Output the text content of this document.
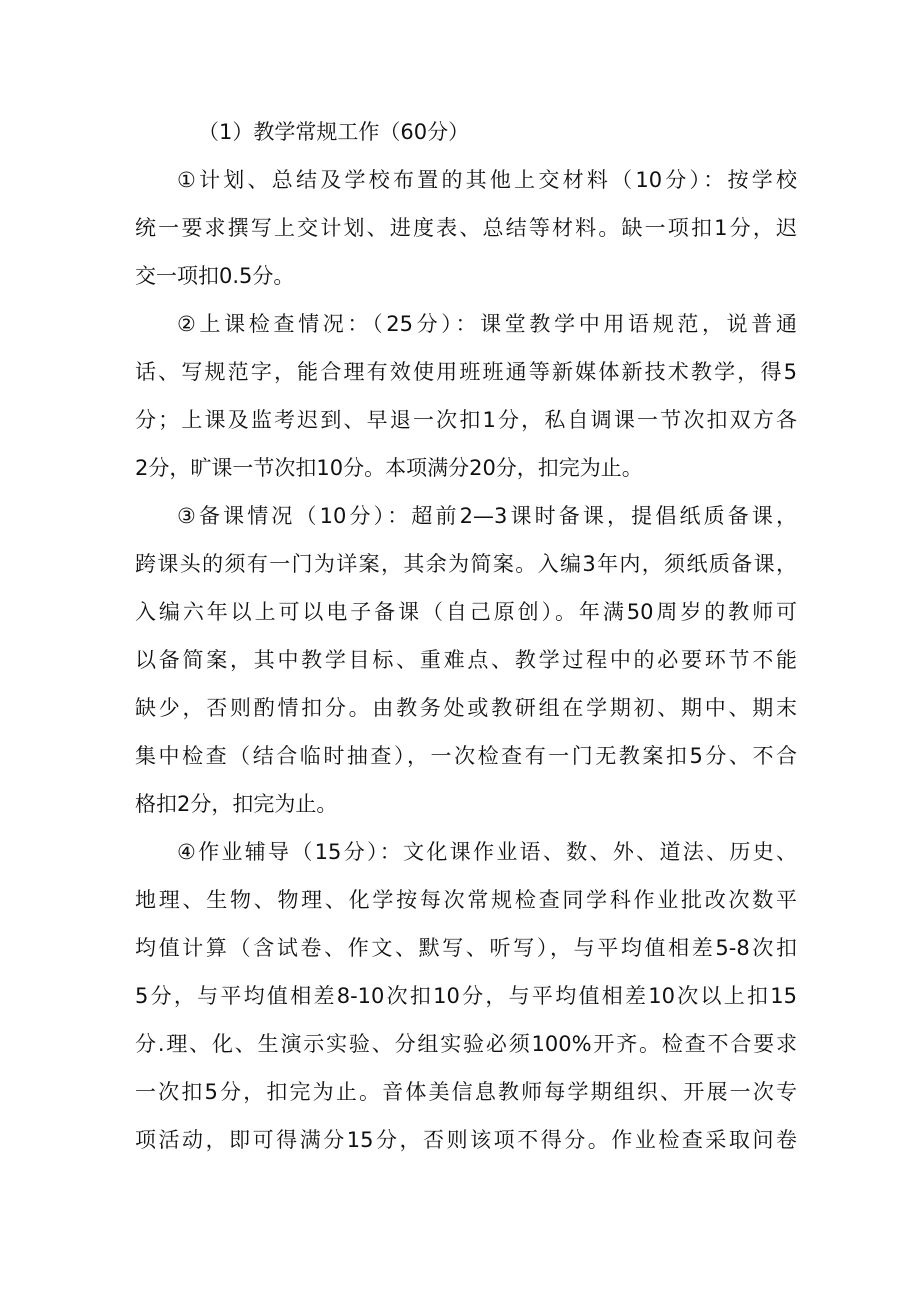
（1）教学常规工作（60分）
①计划、总结及学校布置的其他上交材料（10分）：按学校
统一要求撰写上交计划、进度表、总结等材料。缺一项扣1分，迟
交一项扣0.5分。
②上课检查情况：（25分）：课堂教学中用语规范，说普通
话、写规范字，能合理有效使用班班通等新媒体新技术教学，得5
分；上课及监考迟到、早退一次扣1分，私自调课一节次扣双方各
2分，旷课一节次扣10分。本项满分20分，扣完为止。
③备课情况（10分）：超前2—3课时备课，提倡纸质备课，
跨课头的须有一门为详案，其余为简案。入编3年内，须纸质备课，
入编六年以上可以电子备课（自己原创）。年满50周岁的教师可
以备简案，其中教学目标、重难点、教学过程中的必要环节不能
缺少，否则酌情扣分。由教务处或教研组在学期初、期中、期末
集中检查（结合临时抽查），一次检查有一门无教案扣5分、不合
格扣2分，扣完为止。
④作业辅导（15分）：文化课作业语、数、外、道法、历史、
地理、生物、物理、化学按每次常规检查同学科作业批改次数平
均值计算（含试卷、作文、默写、听写），与平均值相差5-8次扣
5分，与平均值相差8-10次扣10分，与平均值相差10次以上扣15
分.理、化、生演示实验、分组实验必须100%开齐。检查不合要求
一次扣5分，扣完为止。音体美信息教师每学期组织、开展一次专
项活动，即可得满分15分，否则该项不得分。作业检查采取问卷
